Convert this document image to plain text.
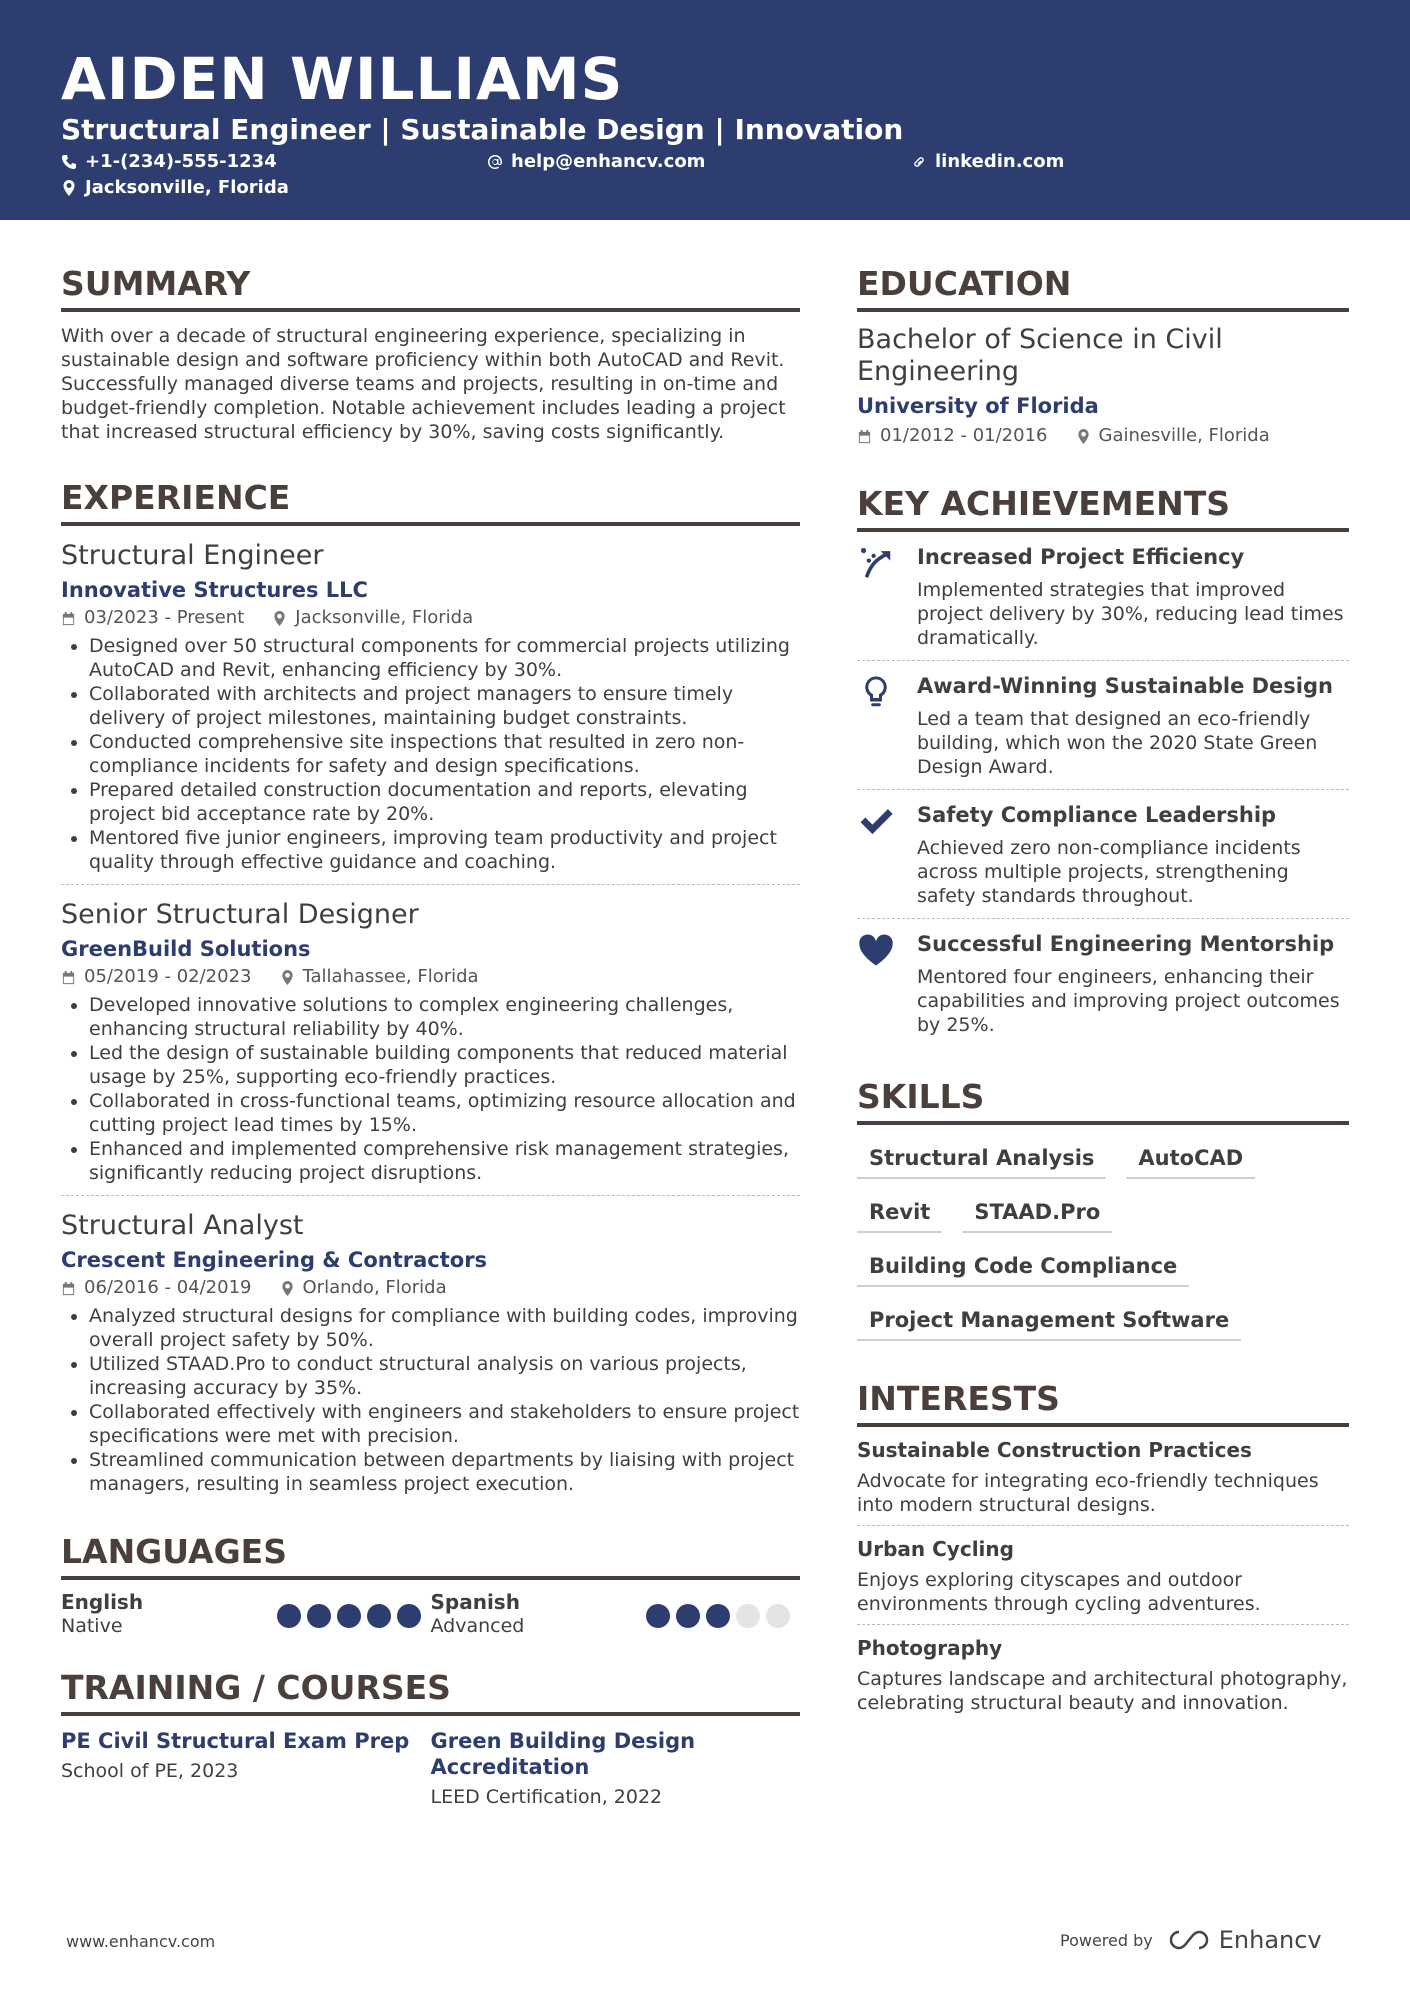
AIDEN WILLIAMS
Structural Engineer | Sustainable Design | Innovation
+1-(234)-555-1234	help@enhancv.com	linkedin.com
Jacksonville, Florida
SUMMARY

With over a decade of structural engineering experience, specializing in sustainable design and software proficiency within both AutoCAD and Revit. Successfully managed diverse teams and projects, resulting in on-time and budget-friendly completion. Notable achievement includes leading a project that increased structural efficiency by 30%, saving costs significantly.

EXPERIENCE
Structural Engineer
Innovative Structures LLC
03/2023 - Present	Jacksonville, Florida
• Designed over 50 structural components for commercial projects utilizing AutoCAD and Revit, enhancing efficiency by 30%.
• Collaborated with architects and project managers to ensure timely delivery of project milestones, maintaining budget constraints.
• Conducted comprehensive site inspections that resulted in zero non-compliance incidents for safety and design specifications.
• Prepared detailed construction documentation and reports, elevating project bid acceptance rate by 20%.
• Mentored five junior engineers, improving team productivity and project quality through effective guidance and coaching.
Senior Structural Designer
GreenBuild Solutions
05/2019 - 02/2023	Tallahassee, Florida
• Developed innovative solutions to complex engineering challenges, enhancing structural reliability by 40%.
• Led the design of sustainable building components that reduced material usage by 25%, supporting eco-friendly practices.
• Collaborated in cross-functional teams, optimizing resource allocation and cutting project lead times by 15%.
• Enhanced and implemented comprehensive risk management strategies, significantly reducing project disruptions.
Structural Analyst
Crescent Engineering & Contractors
06/2016 - 04/2019	Orlando, Florida
• Analyzed structural designs for compliance with building codes, improving overall project safety by 50%.
• Utilized STAAD.Pro to conduct structural analysis on various projects, increasing accuracy by 35%.
• Collaborated effectively with engineers and stakeholders to ensure project specifications were met with precision.
• Streamlined communication between departments by liaising with project managers, resulting in seamless project execution.
LANGUAGES
English
Native
Spanish
Advanced
TRAINING / COURSES
PE Civil Structural Exam Prep
School of PE, 2023
Green Building Design Accreditation
LEED Certification, 2022
EDUCATION
Bachelor of Science in Civil Engineering
University of Florida
01/2012 - 01/2016	Gainesville, Florida
KEY ACHIEVEMENTS
Increased Project Efficiency
Implemented strategies that improved project delivery by 30%, reducing lead times dramatically.
Award-Winning Sustainable Design
Led a team that designed an eco-friendly building, which won the 2020 State Green Design Award.
Safety Compliance Leadership
Achieved zero non-compliance incidents across multiple projects, strengthening safety standards throughout.
Successful Engineering Mentorship
Mentored four engineers, enhancing their capabilities and improving project outcomes by 25%.
SKILLS
Structural Analysis	AutoCAD
Revit	STAAD.Pro
Building Code Compliance
Project Management Software
INTERESTS
Sustainable Construction Practices
Advocate for integrating eco-friendly techniques into modern structural designs.
Urban Cycling
Enjoys exploring cityscapes and outdoor environments through cycling adventures.
Photography
Captures landscape and architectural photography, celebrating structural beauty and innovation.
www.enhancv.com	Powered by	Enhancv
